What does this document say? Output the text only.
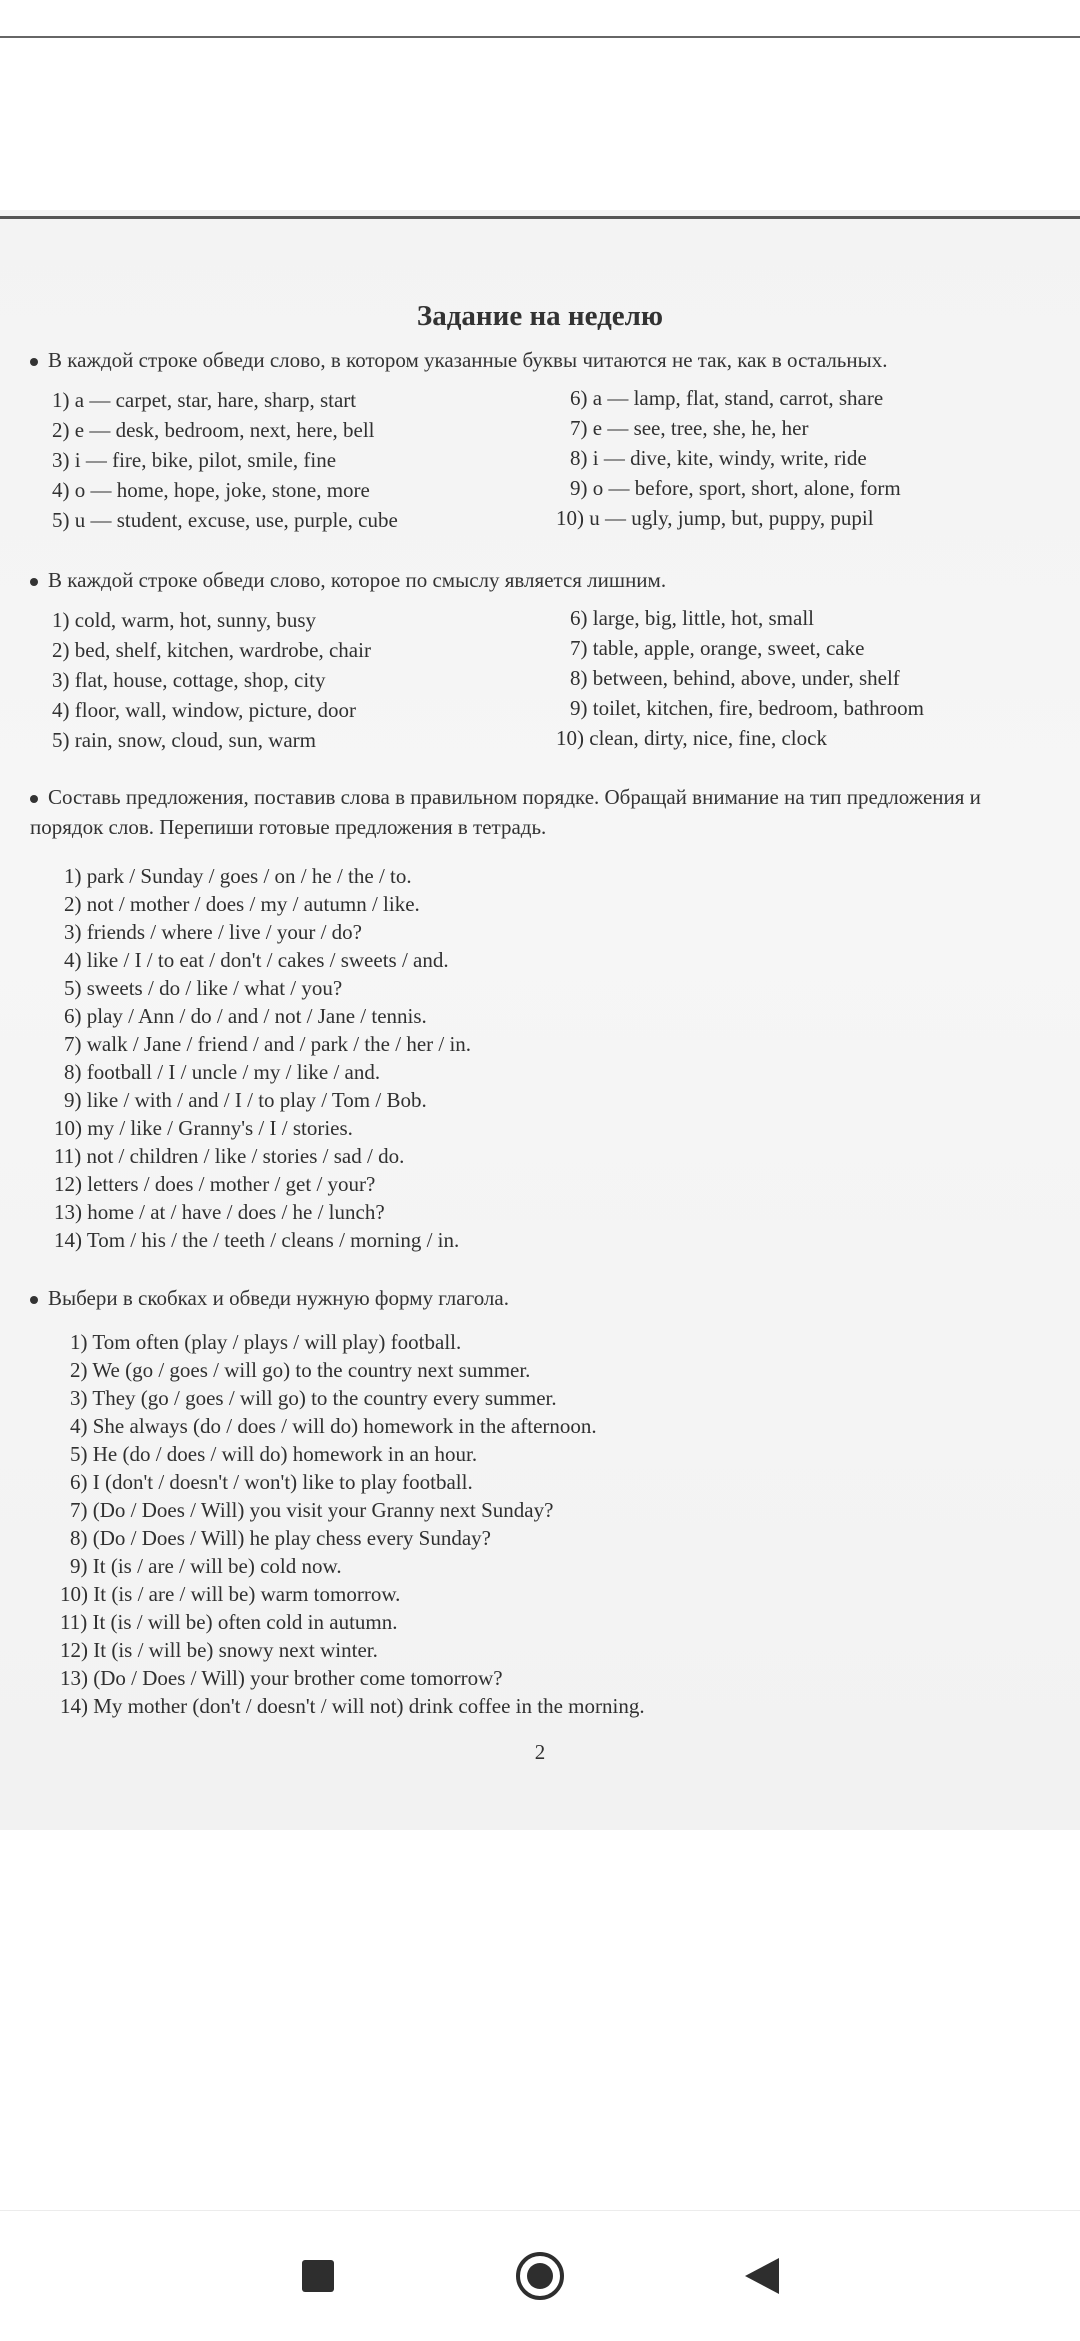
Задание на неделю
В каждой строке обведи слово, в котором указанные буквы читаются не так, как в остальных.
1) a — carpet, star, hare, sharp, start
2) e — desk, bedroom, next, here, bell
3) i — fire, bike, pilot, smile, fine
4) o — home, hope, joke, stone, more
5) u — student, excuse, use, purple, cube
6) a — lamp, flat, stand, carrot, share
7) e — see, tree, she, he, her
8) i — dive, kite, windy, write, ride
9) o — before, sport, short, alone, form
10) u — ugly, jump, but, puppy, pupil
В каждой строке обведи слово, которое по смыслу является лишним.
1) cold, warm, hot, sunny, busy
2) bed, shelf, kitchen, wardrobe, chair
3) flat, house, cottage, shop, city
4) floor, wall, window, picture, door
5) rain, snow, cloud, sun, warm
6) large, big, little, hot, small
7) table, apple, orange, sweet, cake
8) between, behind, above, under, shelf
9) toilet, kitchen, fire, bedroom, bathroom
10) clean, dirty, nice, fine, clock
Составь предложения, поставив слова в правильном порядке. Обращай внимание на тип предложения и порядок слов. Перепиши готовые предложения в тетрадь.
1) park / Sunday / goes / on / he / the / to.
2) not / mother / does / my / autumn / like.
3) friends / where / live / your / do?
4) like / I / to eat / don't / cakes / sweets / and.
5) sweets / do / like / what / you?
6) play / Ann / do / and / not / Jane / tennis.
7) walk / Jane / friend / and / park / the / her / in.
8) football / I / uncle / my / like / and.
9) like / with / and / I / to play / Tom / Bob.
10) my / like / Granny's / I / stories.
11) not / children / like / stories / sad / do.
12) letters / does / mother / get / your?
13) home / at / have / does / he / lunch?
14) Tom / his / the / teeth / cleans / morning / in.
Выбери в скобках и обведи нужную форму глагола.
1) Tom often (play / plays / will play) football.
2) We (go / goes / will go) to the country next summer.
3) They (go / goes / will go) to the country every summer.
4) She always (do / does / will do) homework in the afternoon.
5) He (do / does / will do) homework in an hour.
6) I (don't / doesn't / won't) like to play football.
7) (Do / Does / Will) you visit your Granny next Sunday?
8) (Do / Does / Will) he play chess every Sunday?
9) It (is / are / will be) cold now.
10) It (is / are / will be) warm tomorrow.
11) It (is / will be) often cold in autumn.
12) It (is / will be) snowy next winter.
13) (Do / Does / Will) your brother come tomorrow?
14) My mother (don't / doesn't / will not) drink coffee in the morning.
2
